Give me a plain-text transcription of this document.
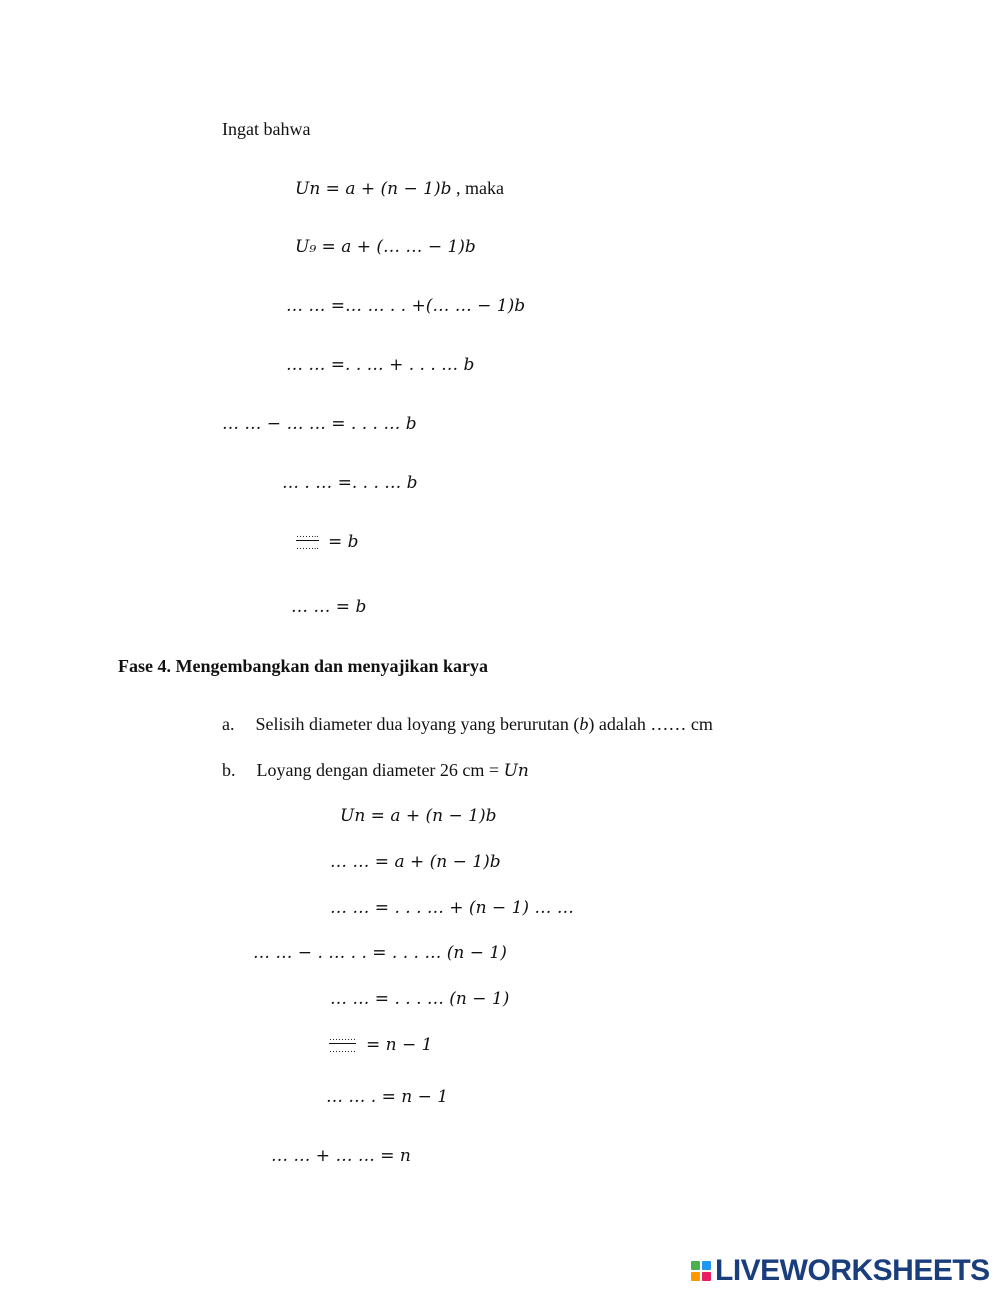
Ingat bahwa
𝑈𝑛 = 𝑎 + (𝑛 − 1)𝑏 , maka
𝑈₉ = 𝑎 + (… … − 1)𝑏
… … =… … . . +(… … − 1)𝑏
… … =. . … + . . . … 𝑏
… … − … … = . . . … 𝑏
… . … =. . . … 𝑏
……..
…….. = 𝑏
… … = 𝑏
Fase 4. Mengembangkan dan menyajikan karya
a. Selisih diameter dua loyang yang berurutan (b) adalah …… cm
b. Loyang dengan diameter 26 cm = 𝑈𝑛
𝑈𝑛 = 𝑎 + (𝑛 − 1)𝑏
… … = 𝑎 + (𝑛 − 1)𝑏
… … = . . . … + (𝑛 − 1) … …
… … − . … . . = . . . … (𝑛 − 1)
… … = . . . … (𝑛 − 1)
………
……… = 𝑛 − 1
… … . = 𝑛 − 1
… … + … … = 𝑛
LIVEWORKSHEETS
